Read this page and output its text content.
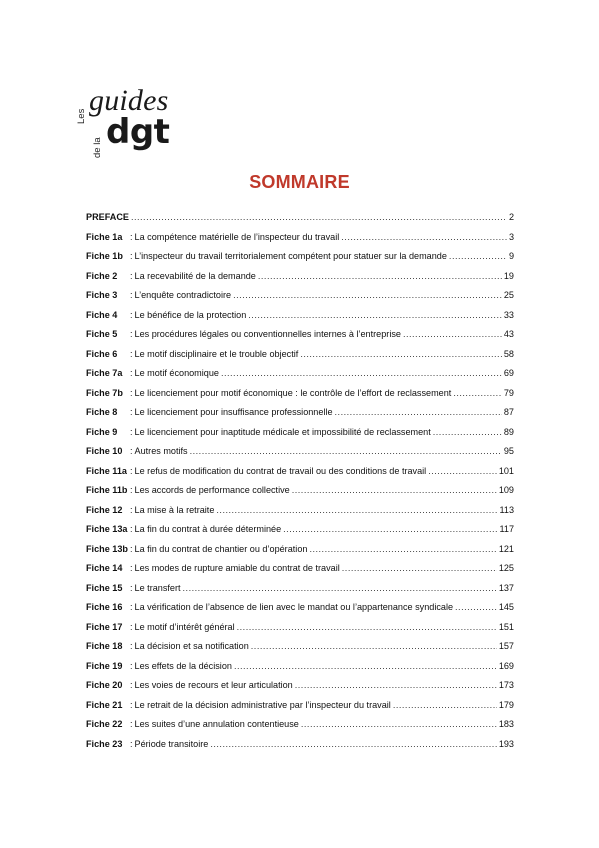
Les guides
de la dgt
SOMMAIRE
PREFACE .....	2
Fiche 1a : La compétence matérielle de l’inspecteur du travail .....	3
Fiche 1b : L’inspecteur du travail territorialement compétent pour statuer sur la demande .....	9
Fiche 2	: La recevabilité de la demande .....	19
Fiche 3	: L’enquête contradictoire .....	25
Fiche 4	: Le bénéfice de la protection .....	33
Fiche 5	: Les procédures légales ou conventionnelles internes à l’entreprise .....	43
Fiche 6	: Le motif disciplinaire et le trouble objectif .....	58
Fiche 7a : Le motif économique .....	69
Fiche 7b : Le licenciement pour motif économique : le contrôle de l’effort de reclassement .....	79
Fiche 8	: Le licenciement pour insuffisance professionnelle .....	87
Fiche 9	: Le licenciement pour inaptitude médicale et impossibilité de reclassement .....	89
Fiche 10 : Autres motifs .....	95
Fiche 11a : Le refus de modification du contrat de travail ou des conditions de travail .....	101
Fiche 11b : Les accords de performance collective .....	109
Fiche 12 : La mise à la retraite .....	113
Fiche 13a : La fin du contrat à durée déterminée .....	117
Fiche 13b : La fin du contrat de chantier ou d’opération .....	121
Fiche 14 : Les modes de rupture amiable du contrat de travail .....	125
Fiche 15 : Le transfert .....	137
Fiche 16 : La vérification de l’absence de lien avec le mandat ou l’appartenance syndicale .....	145
Fiche 17 : Le motif d’intérêt général .....	151
Fiche 18 : La décision et sa notification .....	157
Fiche 19 : Les effets de la décision .....	169
Fiche 20 : Les voies de recours et leur articulation .....	173
Fiche 21 : Le retrait de la décision administrative par l’inspecteur du travail .....	179
Fiche 22 : Les suites d’une annulation contentieuse .....	183
Fiche 23 : Période transitoire .....	193
